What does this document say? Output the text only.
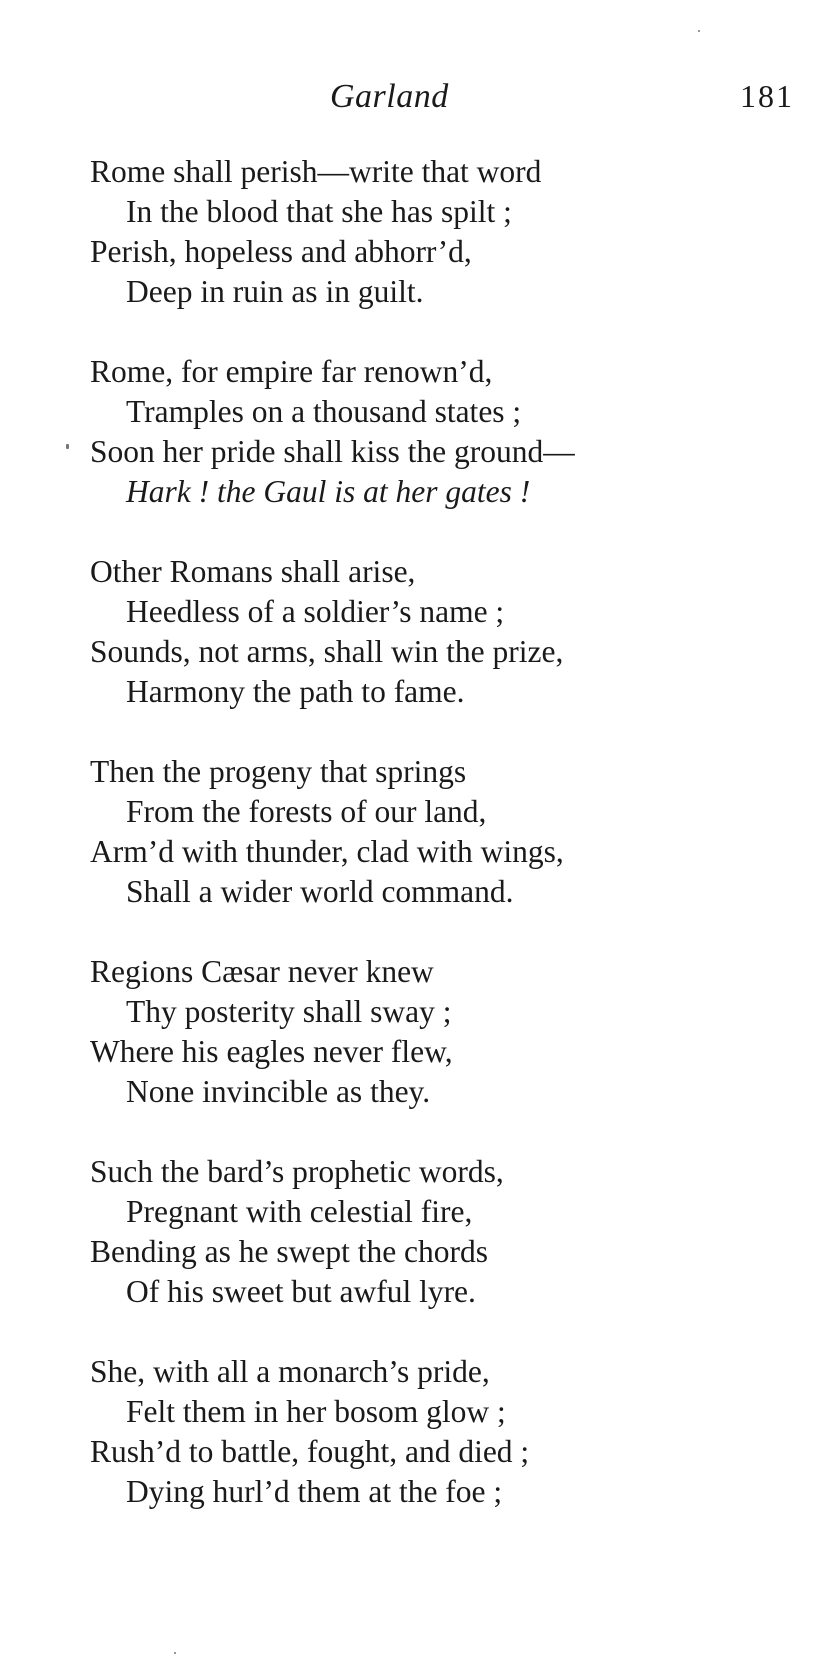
Garland	181
Rome shall perish—write that word
In the blood that she has spilt ;
Perish, hopeless and abhorr’d,
Deep in ruin as in guilt.
Rome, for empire far renown’d,
Tramples on a thousand states ;
Soon her pride shall kiss the ground—
Hark ! the Gaul is at her gates !
Other Romans shall arise,
Heedless of a soldier’s name ;
Sounds, not arms, shall win the prize,
Harmony the path to fame.
Then the progeny that springs
From the forests of our land,
Arm’d with thunder, clad with wings,
Shall a wider world command.
Regions Cæsar never knew
Thy posterity shall sway ;
Where his eagles never flew,
None invincible as they.
Such the bard’s prophetic words,
Pregnant with celestial fire,
Bending as he swept the chords
Of his sweet but awful lyre.
She, with all a monarch’s pride,
Felt them in her bosom glow ;
Rush’d to battle, fought, and died ;
Dying hurl’d them at the foe ;
